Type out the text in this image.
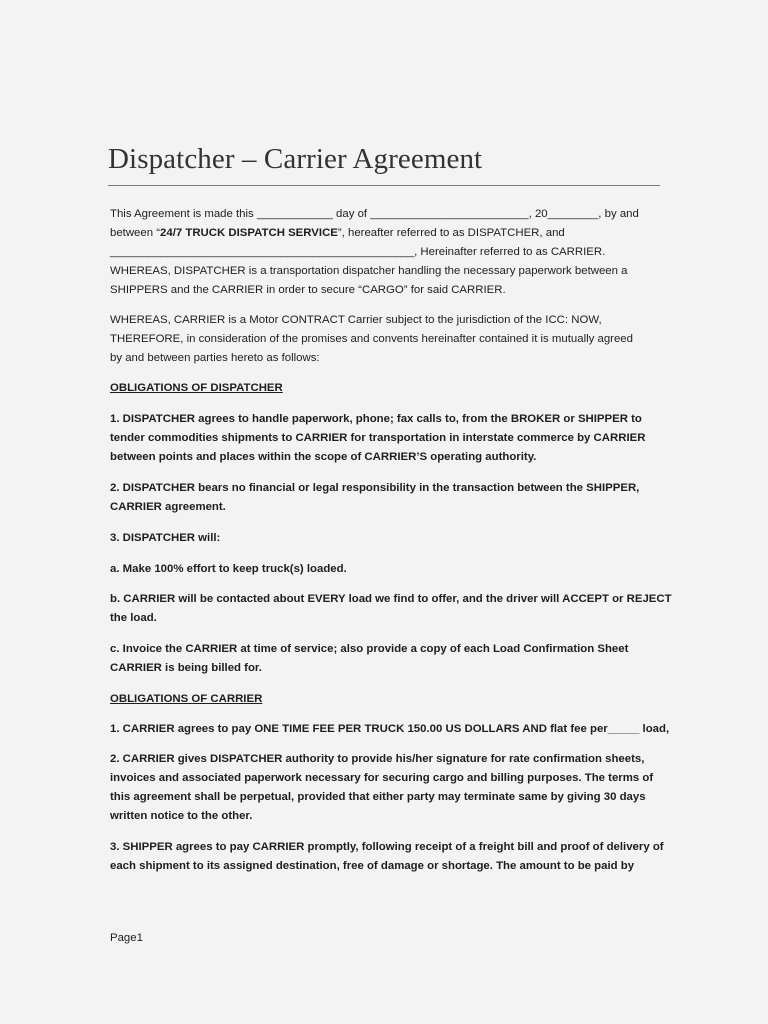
Dispatcher – Carrier Agreement
This Agreement is made this ____________ day of _________________________, 20________, by and
between “24/7 TRUCK DISPATCH SERVICE”, hereafter referred to as DISPATCHER, and
________________________________________________, Hereinafter referred to as CARRIER.
WHEREAS, DISPATCHER is a transportation dispatcher handling the necessary paperwork between a
SHIPPERS and the CARRIER in order to secure “CARGO” for said CARRIER.
WHEREAS, CARRIER is a Motor CONTRACT Carrier subject to the jurisdiction of the ICC: NOW,
THEREFORE, in consideration of the promises and convents hereinafter contained it is mutually agreed
by and between parties hereto as follows:
OBLIGATIONS OF DISPATCHER
1. DISPATCHER agrees to handle paperwork, phone; fax calls to, from the BROKER or SHIPPER to
tender commodities shipments to CARRIER for transportation in interstate commerce by CARRIER
between points and places within the scope of CARRIER’S operating authority.
2. DISPATCHER bears no financial or legal responsibility in the transaction between the SHIPPER,
CARRIER agreement.
3. DISPATCHER will:
a. Make 100% effort to keep truck(s) loaded.
b. CARRIER will be contacted about EVERY load we find to offer, and the driver will ACCEPT or REJECT
the load.
c. Invoice the CARRIER at time of service; also provide a copy of each Load Confirmation Sheet
CARRIER is being billed for.
OBLIGATIONS OF CARRIER
1. CARRIER agrees to pay ONE TIME FEE PER TRUCK 150.00 US DOLLARS AND flat fee per_____ load,
2. CARRIER gives DISPATCHER authority to provide his/her signature for rate confirmation sheets,
invoices and associated paperwork necessary for securing cargo and billing purposes. The terms of
this agreement shall be perpetual, provided that either party may terminate same by giving 30 days
written notice to the other.
3. SHIPPER agrees to pay CARRIER promptly, following receipt of a freight bill and proof of delivery of
each shipment to its assigned destination, free of damage or shortage. The amount to be paid by
Page1
